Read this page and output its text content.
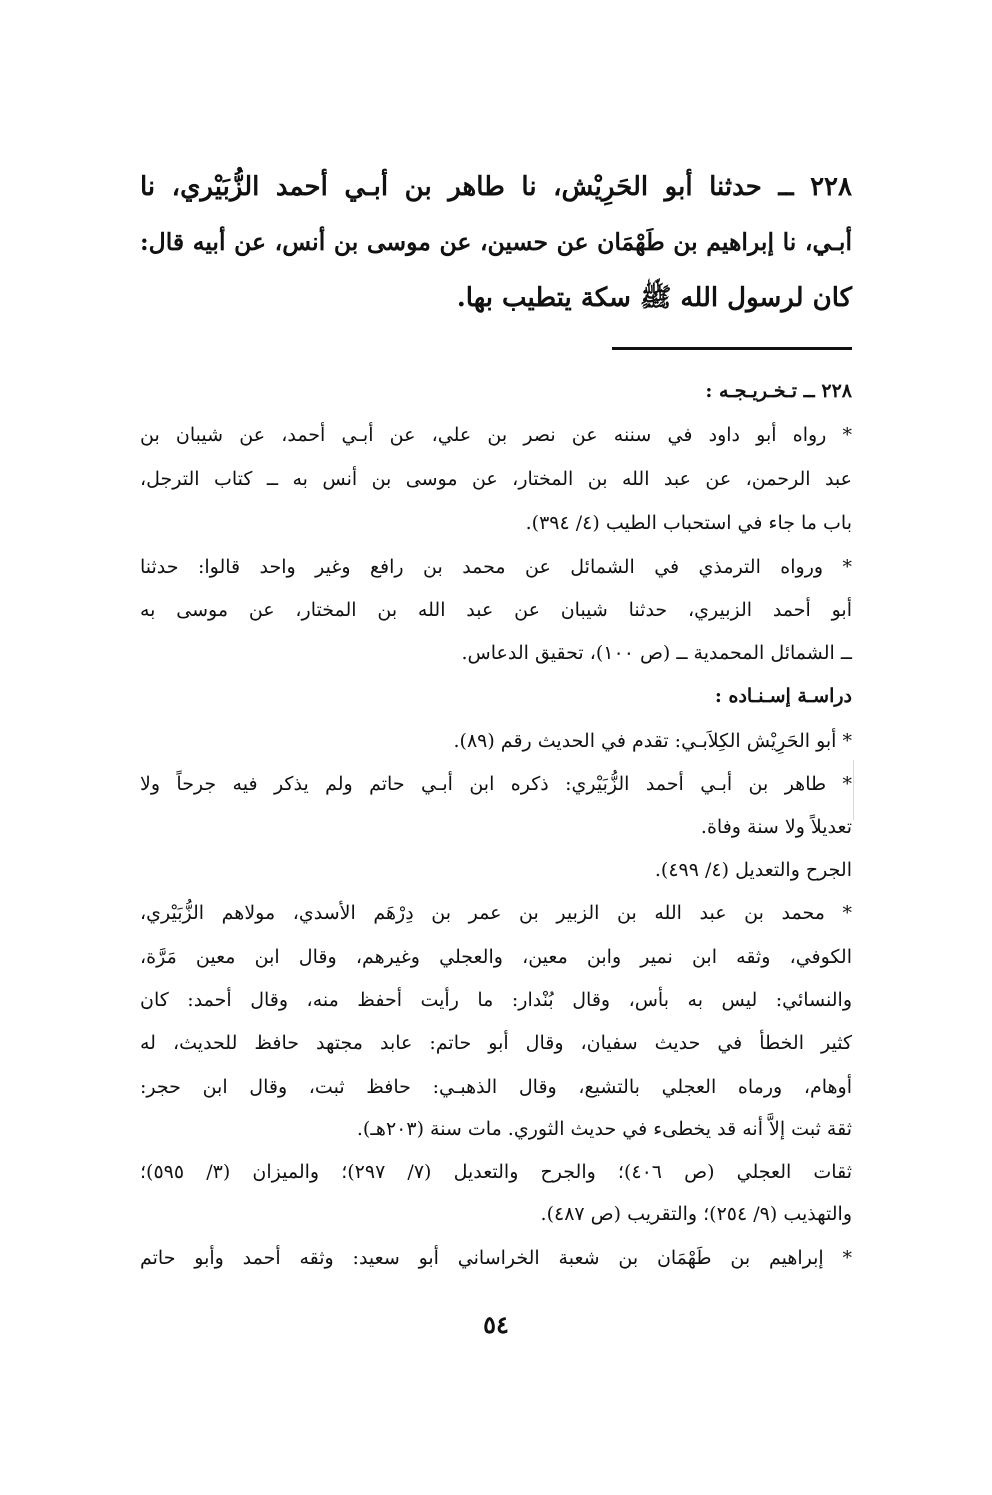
٢٢٨ ــ حدثنا أبو الحَرِيْش، نا طاهر بن أبـي أحمد الزُّبَيْري، نا
أبـي، نا إبراهيم بن طَهْمَان عن حسين، عن موسى بن أنس، عن أبيه قال:
كان لرسول الله ﷺ سكة يتطيب بها.
٢٢٨ ــ تـخـريـجـه :
* رواه أبو داود في سننه عن نصر بن علي، عن أبـي أحمد، عن شيبان بن
عبد الرحمن، عن عبد الله بن المختار، عن موسى بن أنس به ــ كتاب الترجل،
باب ما جاء في استحباب الطيب (٤/ ٣٩٤).
* ورواه الترمذي في الشمائل عن محمد بن رافع وغير واحد قالوا: حدثنا
أبو أحمد الزبيري، حدثنا شيبان عن عبد الله بن المختار، عن موسى به
ــ الشمائل المحمدية ــ (ص ١٠٠)، تحقيق الدعاس.
دراسـة إسـنـاده :
* أبو الحَرِيْش الكِلاَبـي: تقدم في الحديث رقم (٨٩).
* طاهر بن أبـي أحمد الزُّبَيْري: ذكره ابن أبـي حاتم ولم يذكر فيه جرحاً ولا
تعديلاً ولا سنة وفاة.
الجرح والتعديل (٤/ ٤٩٩).
* محمد بن عبد الله بن الزبير بن عمر بن دِرْهَم الأسدي، مولاهم الزُّبَيْري،
الكوفي، وثقه ابن نمير وابن معين، والعجلي وغيرهم، وقال ابن معين مَرَّة،
والنسائي: ليس به بأس، وقال بُنْدار: ما رأيت أحفظ منه، وقال أحمد: كان
كثير الخطأ في حديث سفيان، وقال أبو حاتم: عابد مجتهد حافظ للحديث، له
أوهام، ورماه العجلي بالتشيع، وقال الذهبـي: حافظ ثبت، وقال ابن حجر:
ثقة ثبت إلاَّ أنه قد يخطىء في حديث الثوري. مات سنة (٢٠٣هـ).
ثقات العجلي (ص ٤٠٦)؛ والجرح والتعديل (٧/ ٢٩٧)؛ والميزان (٣/ ٥٩٥)؛
والتهذيب (٩/ ٢٥٤)؛ والتقريب (ص ٤٨٧).
* إبراهيم بن طَهْمَان بن شعبة الخراساني أبو سعيد: وثقه أحمد وأبو حاتم
٥٤
